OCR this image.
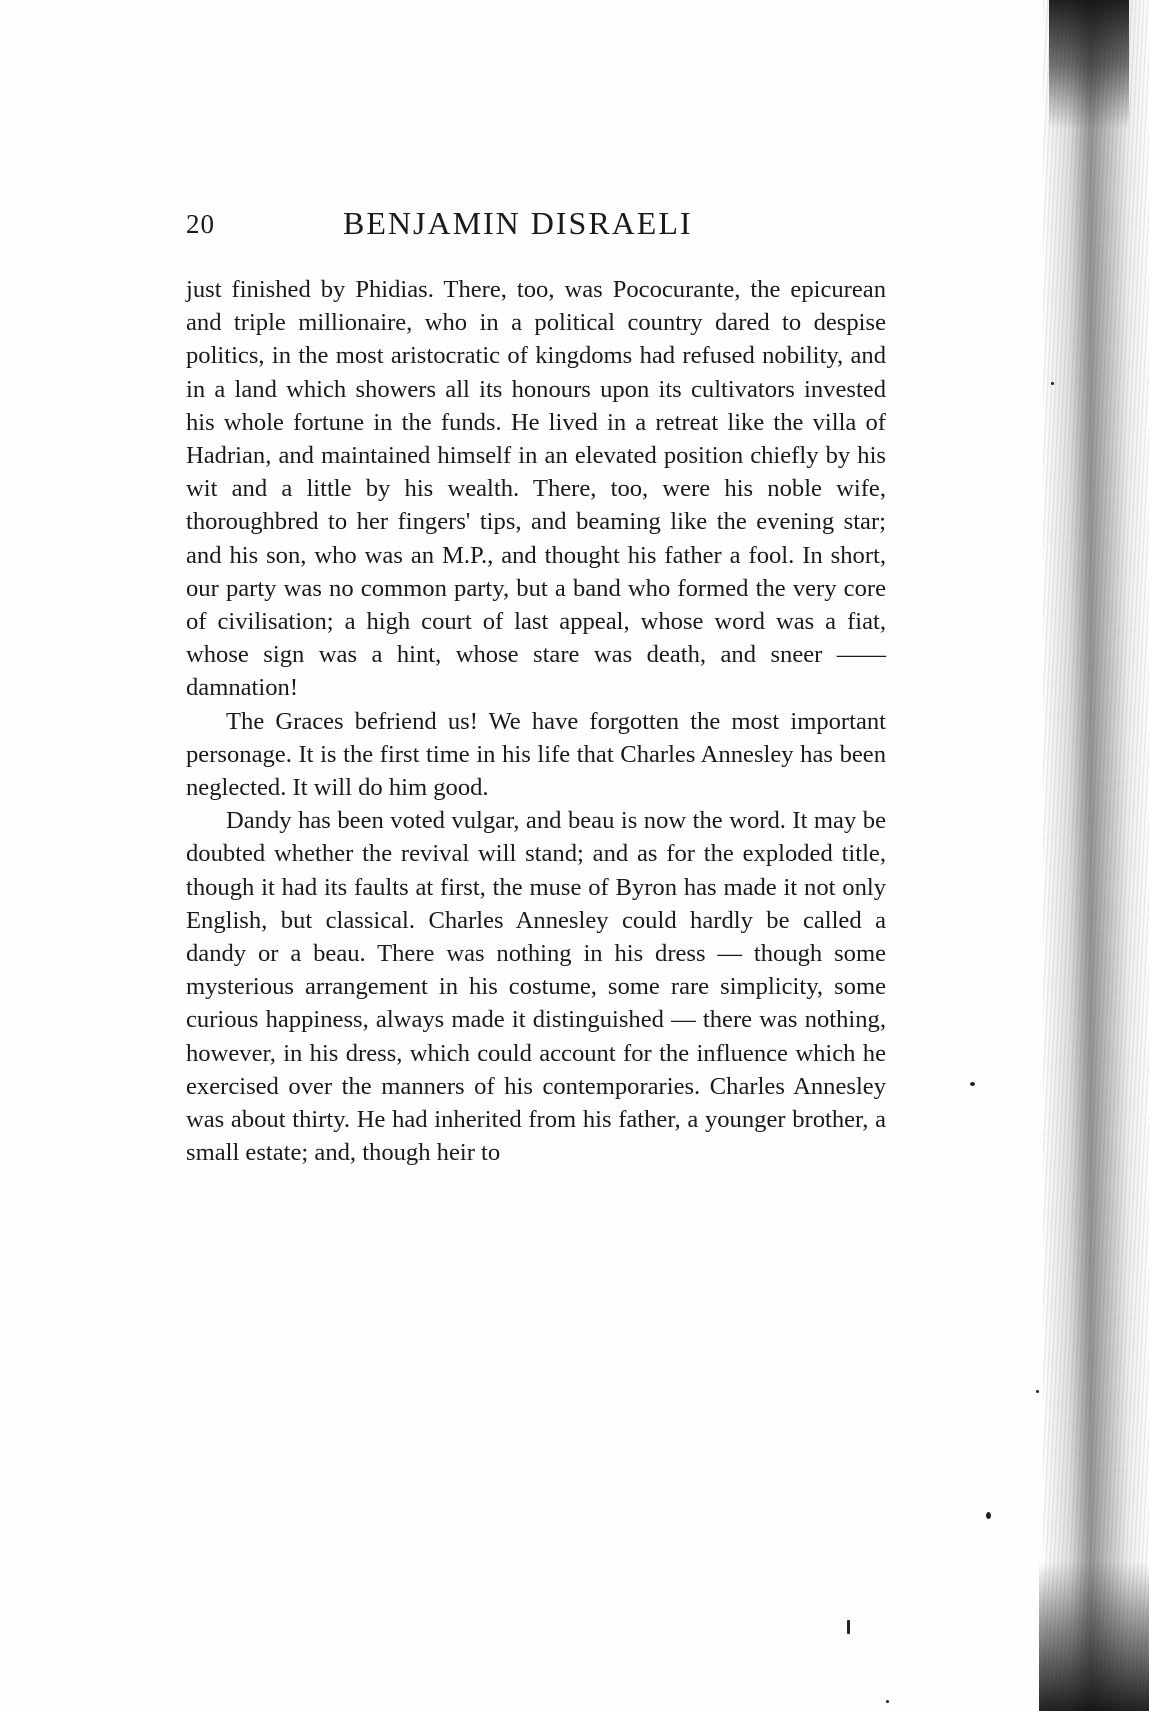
20	BENJAMIN DISRAELI

just finished by Phidias. There, too, was Pococurante, the epicurean and triple millionaire, who in a political country dared to despise politics, in the most aristocratic of kingdoms had refused nobility, and in a land which showers all its honours upon its cultivators invested his whole fortune in the funds. He lived in a retreat like the villa of Hadrian, and maintained himself in an elevated position chiefly by his wit and a little by his wealth. There, too, were his noble wife, thoroughbred to her fingers' tips, and beaming like the evening star; and his son, who was an M.P., and thought his father a fool. In short, our party was no common party, but a band who formed the very core of civilisation; a high court of last appeal, whose word was a fiat, whose sign was a hint, whose stare was death, and sneer —— damnation!

The Graces befriend us! We have forgotten the most important personage. It is the first time in his life that Charles Annesley has been neglected. It will do him good.

Dandy has been voted vulgar, and beau is now the word. It may be doubted whether the revival will stand; and as for the exploded title, though it had its faults at first, the muse of Byron has made it not only English, but classical. Charles Annesley could hardly be called a dandy or a beau. There was nothing in his dress — though some mysterious arrangement in his costume, some rare simplicity, some curious happiness, always made it distinguished — there was nothing, however, in his dress, which could account for the influence which he exercised over the manners of his contemporaries. Charles Annesley was about thirty. He had inherited from his father, a younger brother, a small estate; and, though heir to
